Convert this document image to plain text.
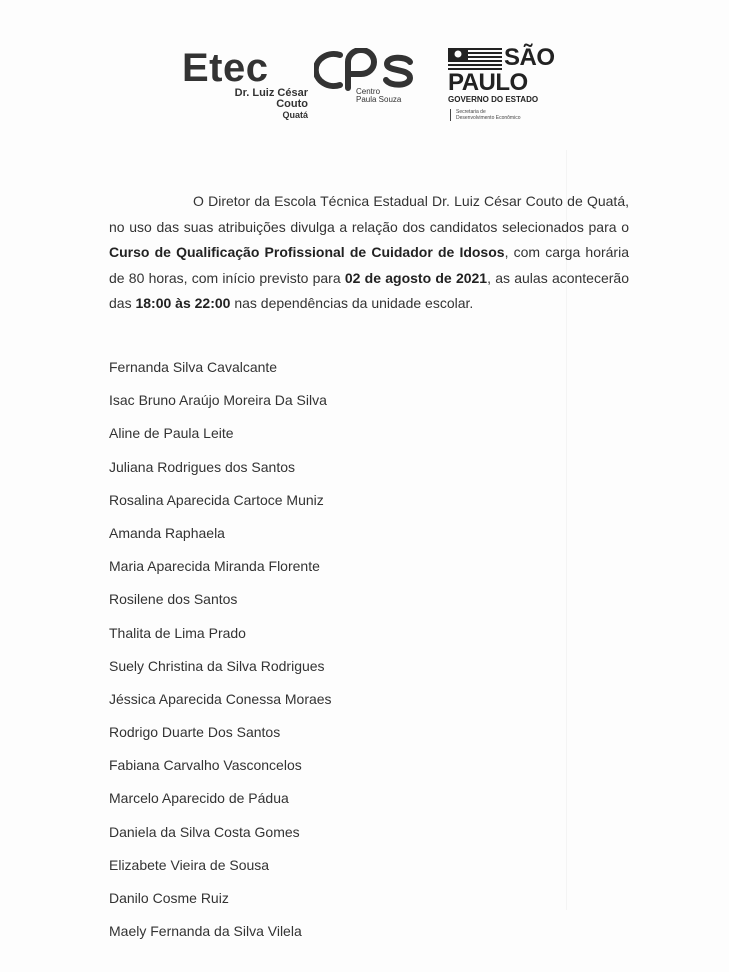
Etec
Dr. Luiz César
Couto
Quatá
Centro
Paula Souza
SÃO
PAULO
GOVERNO DO ESTADO
Secretaria de
Desenvolvimento Econômico

O Diretor da Escola Técnica Estadual Dr. Luiz César Couto de Quatá, no uso das suas atribuições divulga a relação dos candidatos selecionados para o Curso de Qualificação Profissional de Cuidador de Idosos, com carga horária de 80 horas, com início previsto para 02 de agosto de 2021, as aulas acontecerão das 18:00 às 22:00 nas dependências da unidade escolar.

Fernanda Silva Cavalcante
Isac Bruno Araújo Moreira Da Silva
Aline de Paula Leite
Juliana Rodrigues dos Santos
Rosalina Aparecida Cartoce Muniz
Amanda Raphaela
Maria Aparecida Miranda Florente
Rosilene dos Santos
Thalita de Lima Prado
Suely Christina da Silva Rodrigues
Jéssica Aparecida Conessa Moraes
Rodrigo Duarte Dos Santos
Fabiana Carvalho Vasconcelos
Marcelo Aparecido de Pádua
Daniela da Silva Costa Gomes
Elizabete Vieira de Sousa
Danilo Cosme Ruiz
Maely Fernanda da Silva Vilela
